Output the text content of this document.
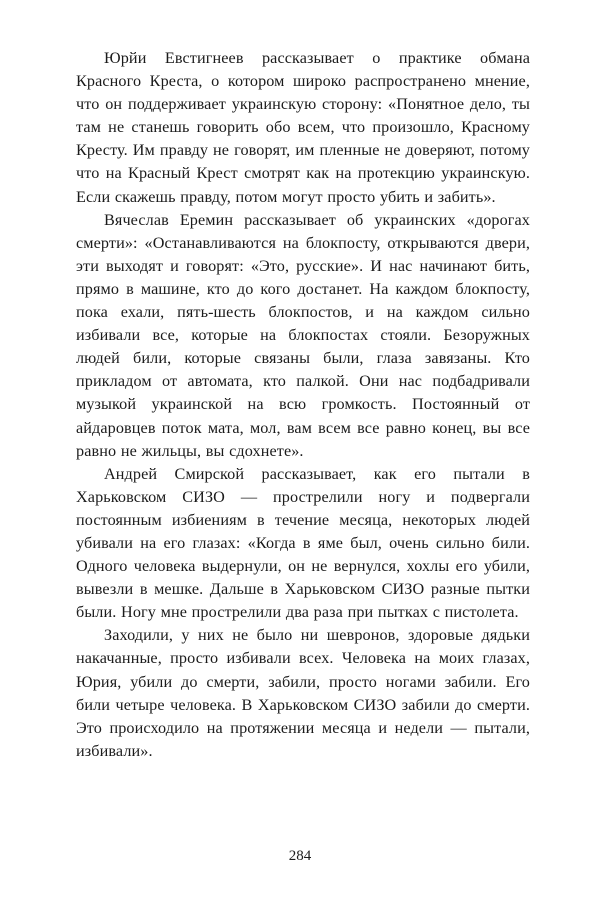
Юрйи Евстигнеев рассказывает о практике обмана Красного Креста, о котором широко распространено мнение, что он поддерживает украинскую сторону: «Понятное дело, ты там не станешь говорить обо всем, что произошло, Красному Кресту. Им правду не говорят, им пленные не доверяют, потому что на Красный Крест смотрят как на протекцию украинскую. Если скажешь правду, потом могут просто убить и забить».

Вячеслав Еремин рассказывает об украинских «дорогах смерти»: «Останавливаются на блокпосту, открываются двери, эти выходят и говорят: «Это, русские». И нас начинают бить, прямо в машине, кто до кого достанет. На каждом блокпосту, пока ехали, пять-шесть блокпостов, и на каждом сильно избивали все, которые на блокпостах стояли. Безоружных людей били, которые связаны были, глаза завязаны. Кто прикладом от автомата, кто палкой. Они нас подбадривали музыкой украинской на всю громкость. Постоянный от айдаровцев поток мата, мол, вам всем все равно конец, вы все равно не жильцы, вы сдохнете».

Андрей Смирской рассказывает, как его пытали в Харьковском СИЗО — прострелили ногу и подвергали постоянным избиениям в течение месяца, некоторых людей убивали на его глазах: «Когда в яме был, очень сильно били. Одного человека выдернули, он не вернулся, хохлы его убили, вывезли в мешке. Дальше в Харьковском СИЗО разные пытки были. Ногу мне прострелили два раза при пытках с пистолета.

Заходили, у них не было ни шевронов, здоровые дядьки накачанные, просто избивали всех. Человека на моих глазах, Юрия, убили до смерти, забили, просто ногами забили. Его били четыре человека. В Харьковском СИЗО забили до смерти. Это происходило на протяжении месяца и недели — пытали, избивали».

284
